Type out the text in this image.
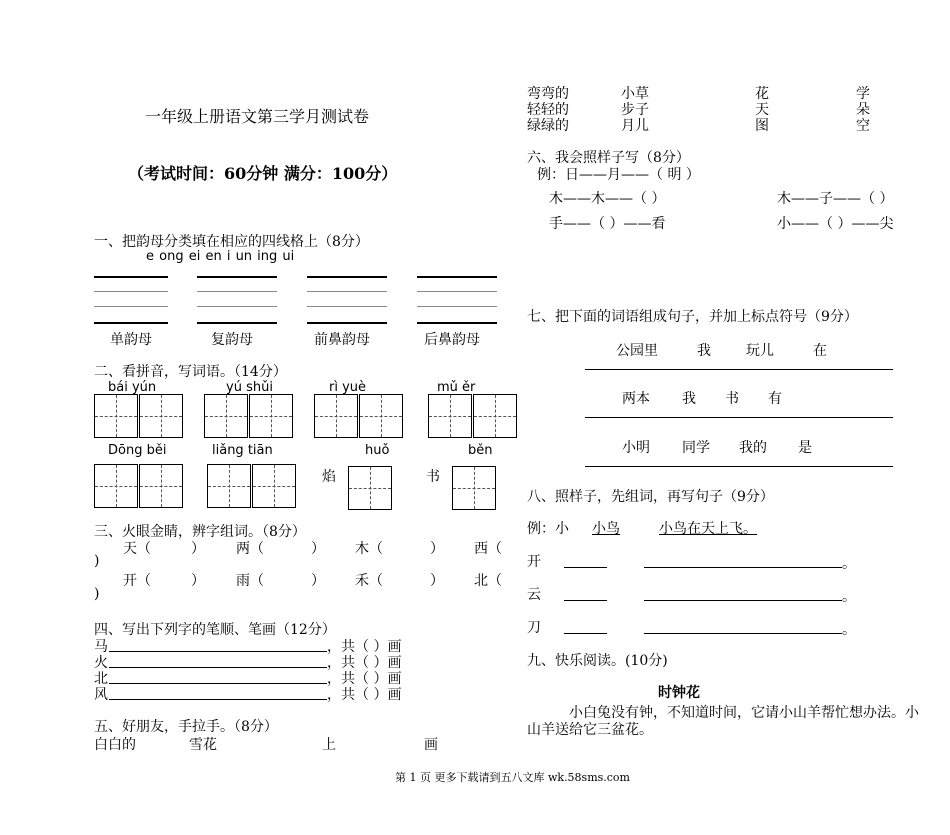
一年级上册语文第三学月测试卷
（考试时间：60分钟 满分：100分）
一、把韵母分类填在相应的四线格上（8分）
e ong ei en i un ing ui
单韵母	复韵母	前鼻韵母	后鼻韵母
二、看拼音，写词语。（14分）
bái yún	yú shǔi	rì yuè	mǔ ěr
Dōng běi	liǎng tiān	huǒ	běn
焰	书
三、火眼金睛，辨字组词。（8分）
天（	） 两（	） 木（	） 西（
)
开（	） 雨（	） 禾（	） 北（
)
四、写出下列字的笔顺、笔画（12分）
马	，共（ ）画
火	，共（ ）画
北	，共（ ）画
风	，共（ ）画
五、好朋友，手拉手。（8分）
白白的	雪花	上	画
弯弯的	小草	花	学
轻轻的	步子	天	朵
绿绿的	月儿	图	空
六、我会照样子写（8分）
例：日——月——（ 明 ）
木——木——（ ）	木——子——（ ）
手——（ ）——看	小——（ ）——尖
七、把下面的词语组成句子，并加上标点符号（9分）
公园里	我	玩儿	在
两本 我 书 有
小明 同学 我的 是
八、照样子，先组词，再写句子（9分）
例：小 小鸟	小鸟在天上飞。
开	。
云	。
刀	。
九、快乐阅读。(10分)
时钟花
小白兔没有钟，不知道时间，它请小山羊帮忙想办法。小
山羊送给它三盆花。
第 1 页 更多下载请到五八文库 wk.58sms.com
